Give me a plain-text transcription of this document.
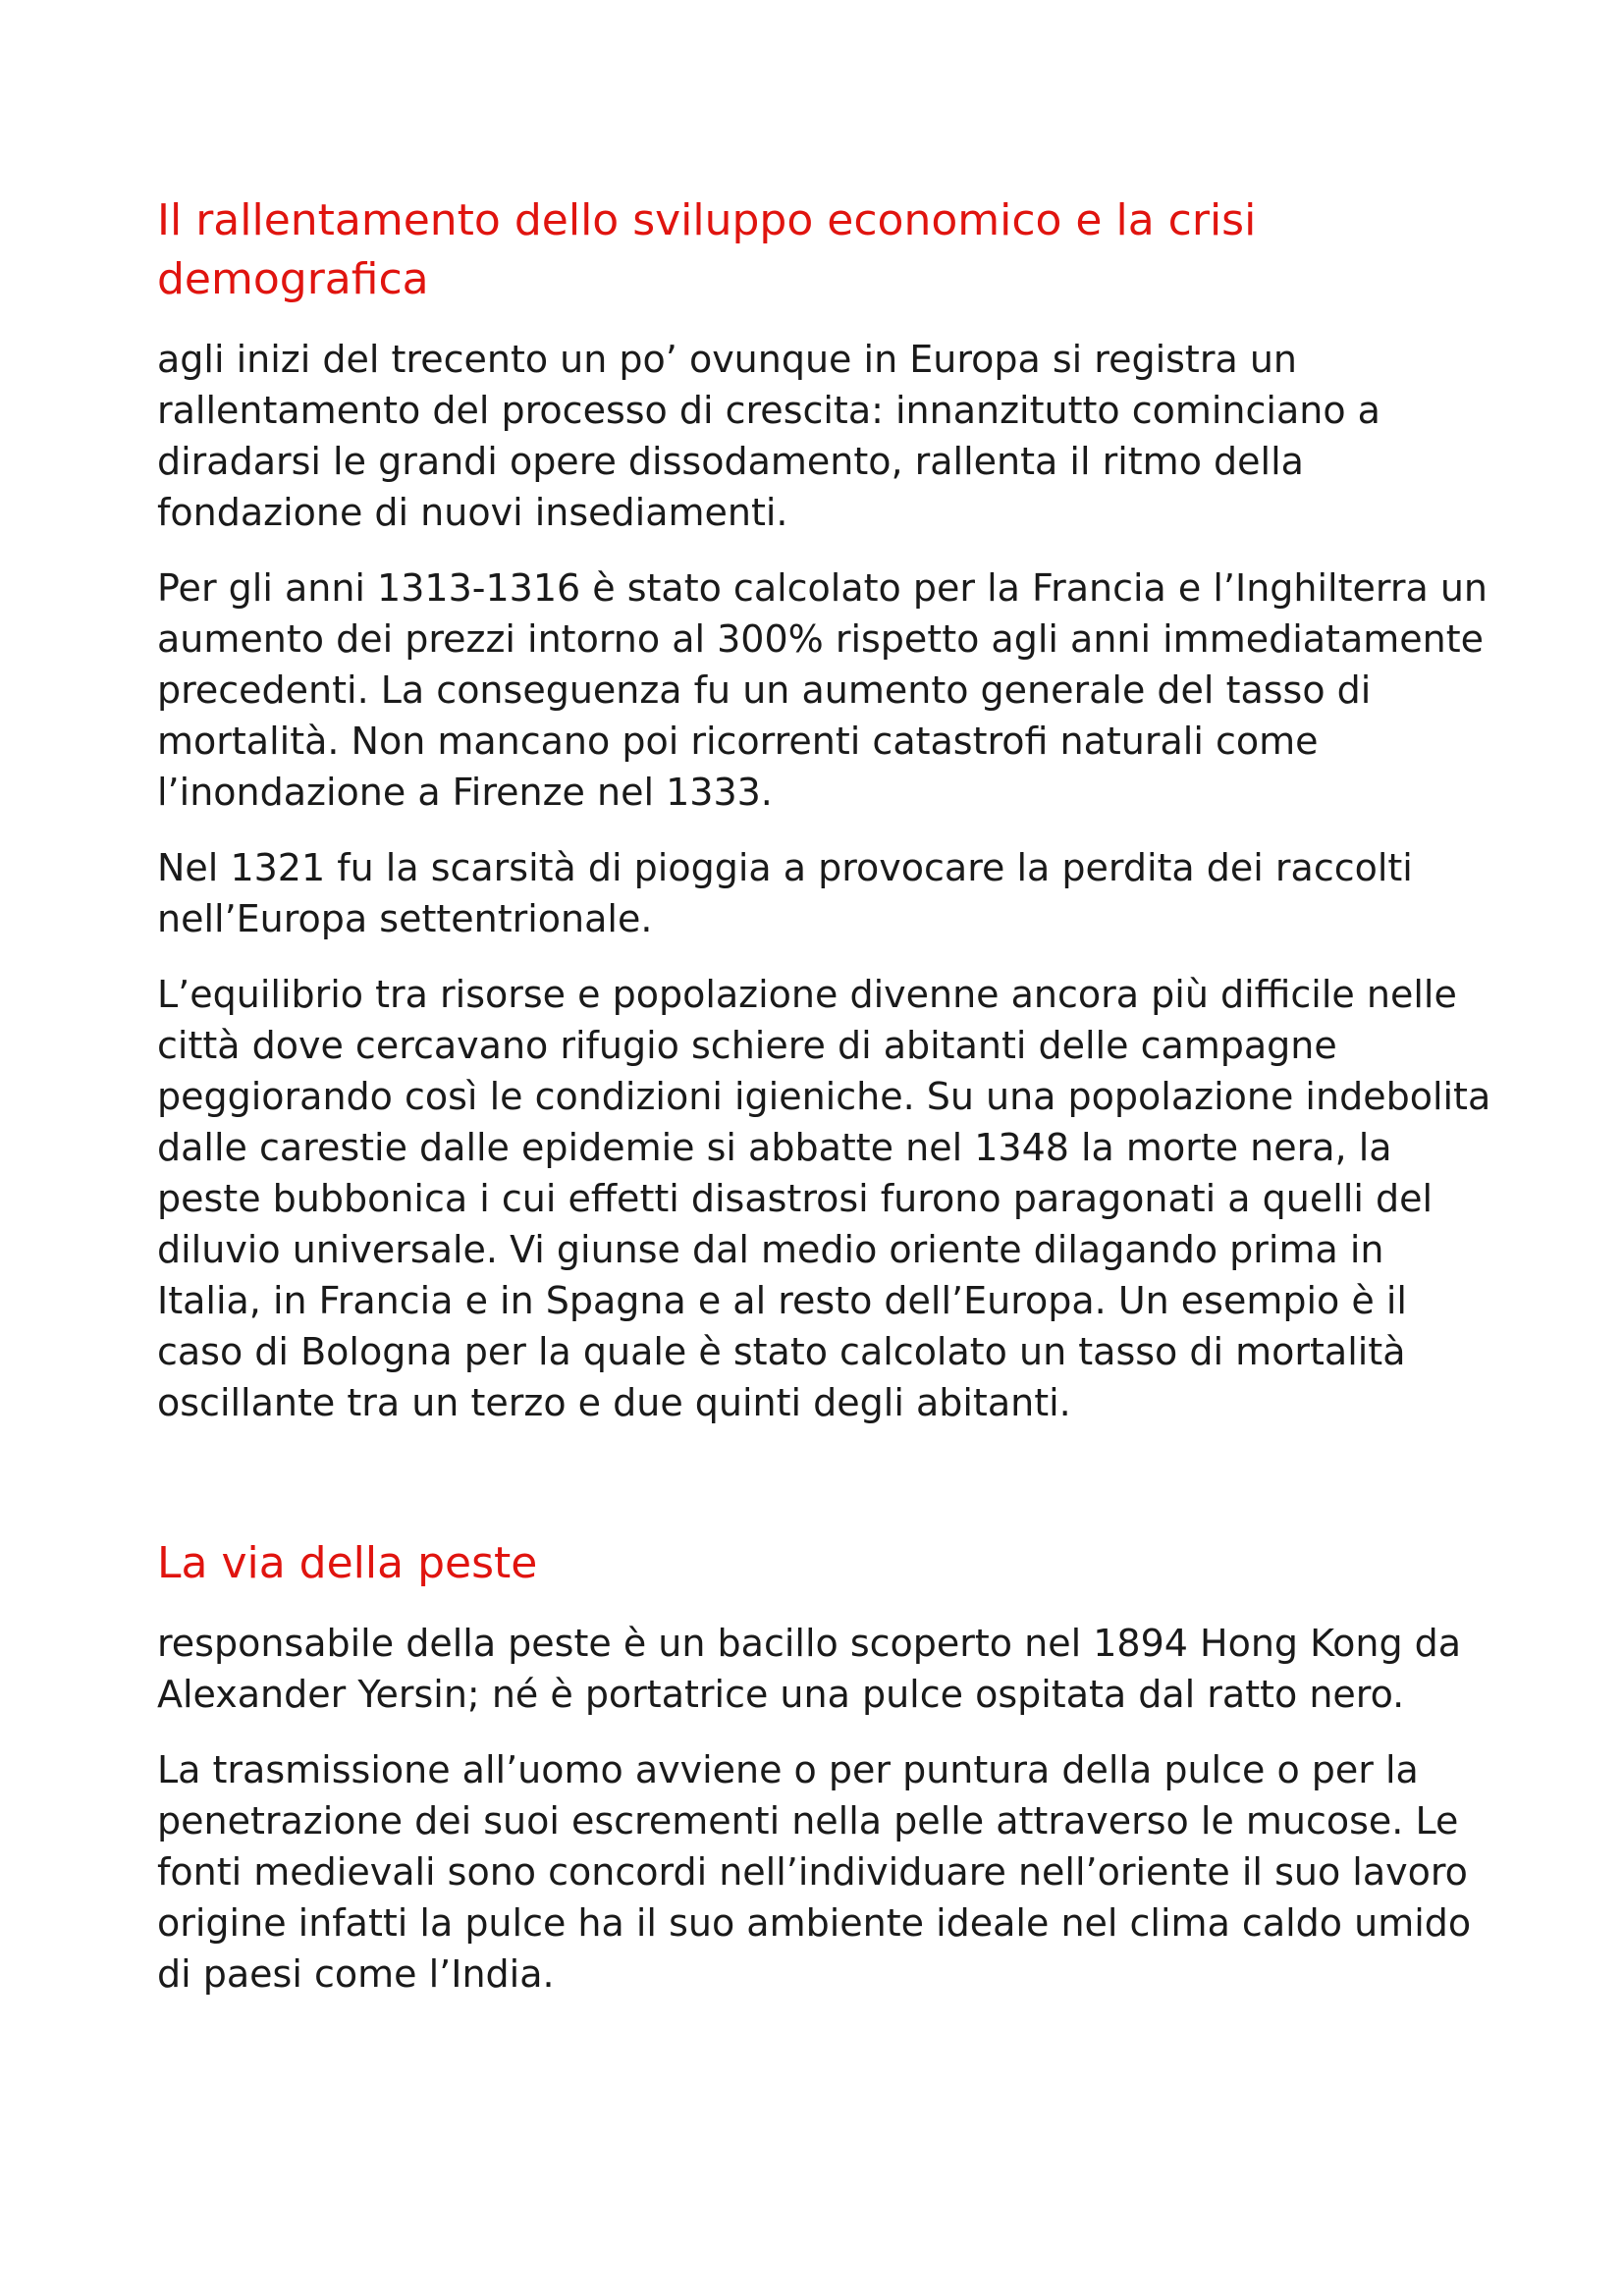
Il rallentamento dello sviluppo economico e la crisi demografica

agli inizi del trecento un po’ ovunque in Europa si registra un rallentamento del processo di crescita: innanzitutto cominciano a diradarsi le grandi opere dissodamento, rallenta il ritmo della fondazione di nuovi insediamenti.

Per gli anni 1313-1316 è stato calcolato per la Francia e l’Inghilterra un aumento dei prezzi intorno al 300% rispetto agli anni immediatamente precedenti. La conseguenza fu un aumento generale del tasso di mortalità. Non mancano poi ricorrenti catastrofi naturali come l’inondazione a Firenze nel 1333.

Nel 1321 fu la scarsità di pioggia a provocare la perdita dei raccolti nell’Europa settentrionale.

L’equilibrio tra risorse e popolazione divenne ancora più difficile nelle città dove cercavano rifugio schiere di abitanti delle campagne peggiorando così le condizioni igieniche. Su una popolazione indebolita dalle carestie dalle epidemie si abbatte nel 1348 la morte nera, la peste bubbonica i cui effetti disastrosi furono paragonati a quelli del diluvio universale. Vi giunse dal medio oriente dilagando prima in Italia, in Francia e in Spagna e al resto dell’Europa. Un esempio è il caso di Bologna per la quale è stato calcolato un tasso di mortalità oscillante tra un terzo e due quinti degli abitanti.

La via della peste

responsabile della peste è un bacillo scoperto nel 1894 Hong Kong da Alexander Yersin; né è portatrice una pulce ospitata dal ratto nero.

La trasmissione all’uomo avviene o per puntura della pulce o per la penetrazione dei suoi escrementi nella pelle attraverso le mucose. Le fonti medievali sono concordi nell’individuare nell’oriente il suo lavoro origine infatti la pulce ha il suo ambiente ideale nel clima caldo umido di paesi come l’India.
